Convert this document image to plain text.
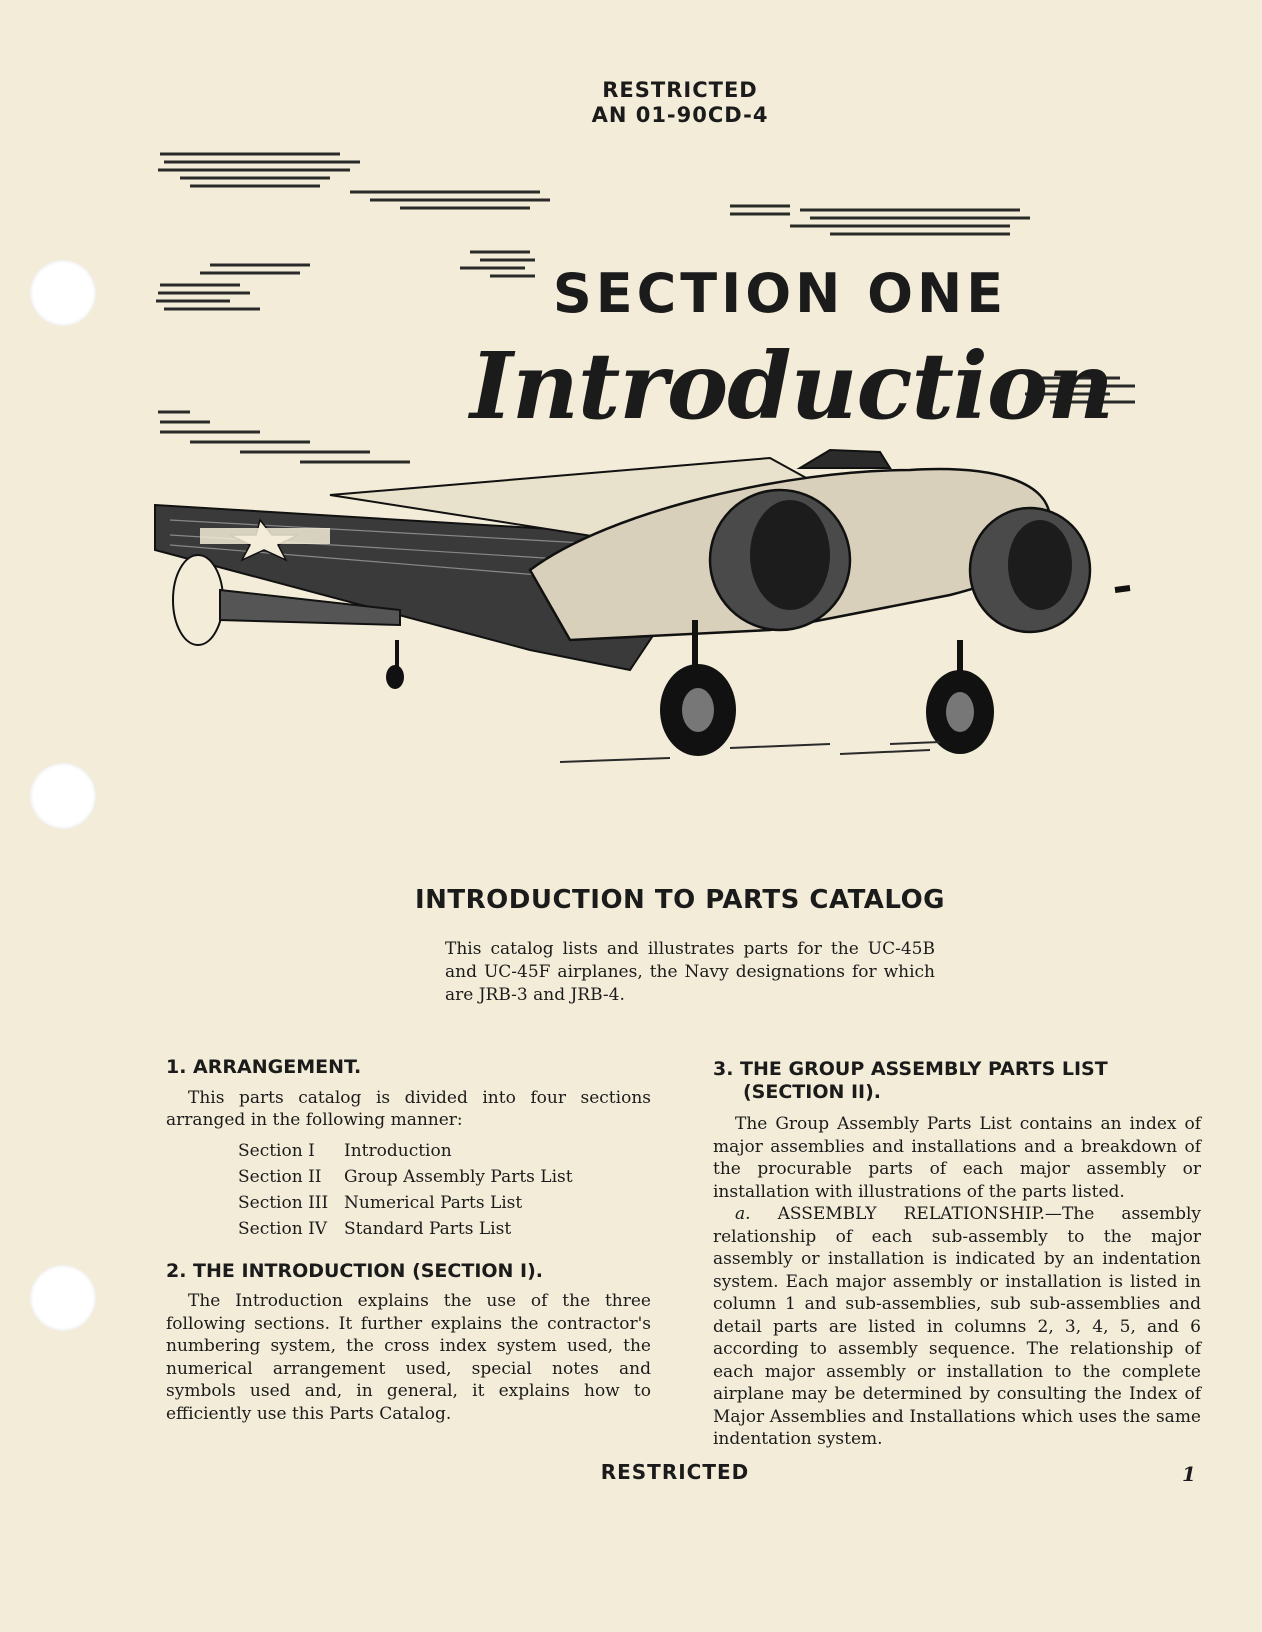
RESTRICTED
AN 01-90CD-4
SECTION ONE
Introduction
INTRODUCTION TO PARTS CATALOG
This catalog lists and illustrates parts for the UC-45B and UC-45F airplanes, the Navy designations for which are JRB-3 and JRB-4.
1. ARRANGEMENT.

This parts catalog is divided into four sections arranged in the following manner:

Section I	Introduction
Section II	Group Assembly Parts List
Section III Numerical Parts List
Section IV Standard Parts List
2. THE INTRODUCTION (SECTION I).

The Introduction explains the use of the three following sections. It further explains the contractor's numbering system, the cross index system used, the numerical arrangement used, special notes and symbols used and, in general, it explains how to efficiently use this Parts Catalog.

3. THE GROUP ASSEMBLY PARTS LIST
(SECTION II).

The Group Assembly Parts List contains an index of major assemblies and installations and a breakdown of the procurable parts of each major assembly or installation with illustrations of the parts listed.

a. ASSEMBLY RELATIONSHIP.—The assembly relationship of each sub-assembly to the major assembly or installation is indicated by an indentation system. Each major assembly or installation is listed in column 1 and sub-assemblies, sub sub-assemblies and detail parts are listed in columns 2, 3, 4, 5, and 6 according to assembly sequence. The relationship of each major assembly or installation to the complete airplane may be determined by consulting the Index of Major Assemblies and Installations which uses the same indentation system.

RESTRICTED	1
